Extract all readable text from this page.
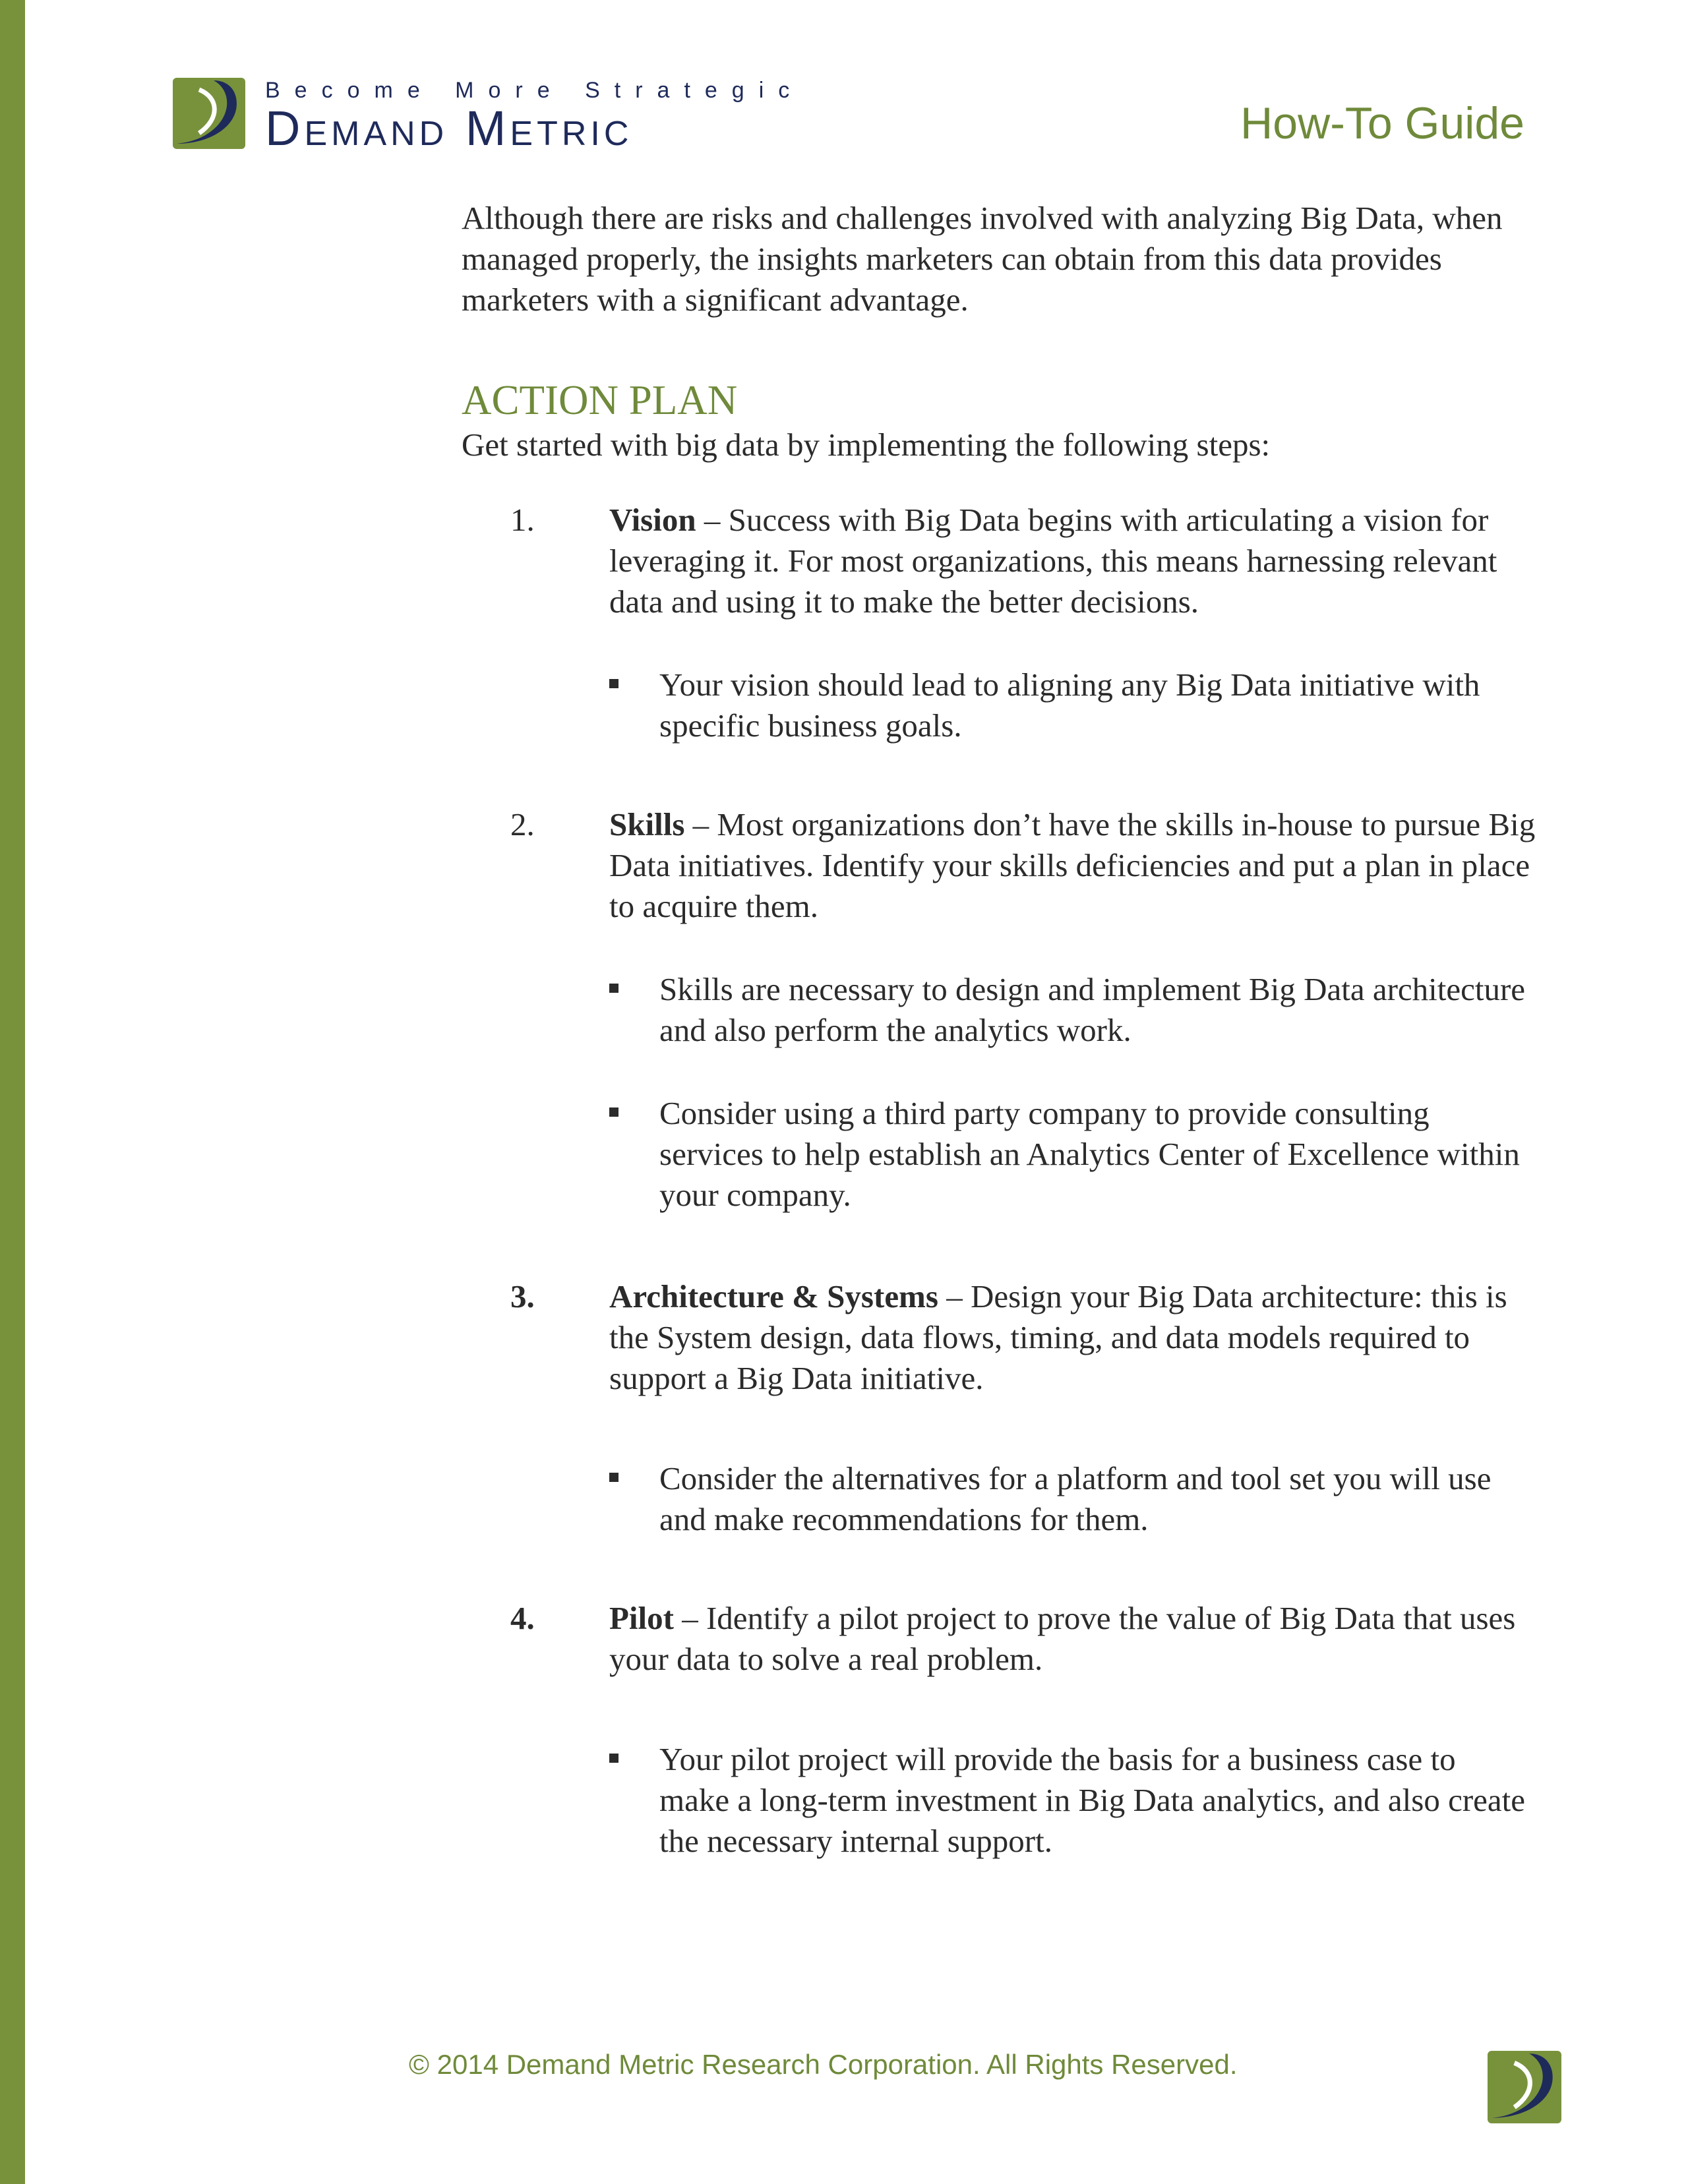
Become More Strategic
Demand Metric	How-To Guide

Although there are risks and challenges involved with analyzing Big Data, when managed properly, the insights marketers can obtain from this data provides marketers with a significant advantage.

ACTION PLAN

Get started with big data by implementing the following steps:

1.	Vision – Success with Big Data begins with articulating a vision for leveraging it. For most organizations, this means harnessing relevant data and using it to make the better decisions.
Your vision should lead to aligning any Big Data initiative with specific business goals.
2.	Skills – Most organizations don’t have the skills in-house to pursue Big Data initiatives. Identify your skills deficiencies and put a plan in place to acquire them.
Skills are necessary to design and implement Big Data architecture and also perform the analytics work.
Consider using a third party company to provide consulting services to help establish an Analytics Center of Excellence within your company.
3.	Architecture & Systems – Design your Big Data architecture: this is the System design, data flows, timing, and data models required to support a Big Data initiative.
Consider the alternatives for a platform and tool set you will use and make recommendations for them.
4.	Pilot – Identify a pilot project to prove the value of Big Data that uses your data to solve a real problem.
Your pilot project will provide the basis for a business case to make a long-term investment in Big Data analytics, and also create the necessary internal support.
© 2014 Demand Metric Research Corporation. All Rights Reserved.
